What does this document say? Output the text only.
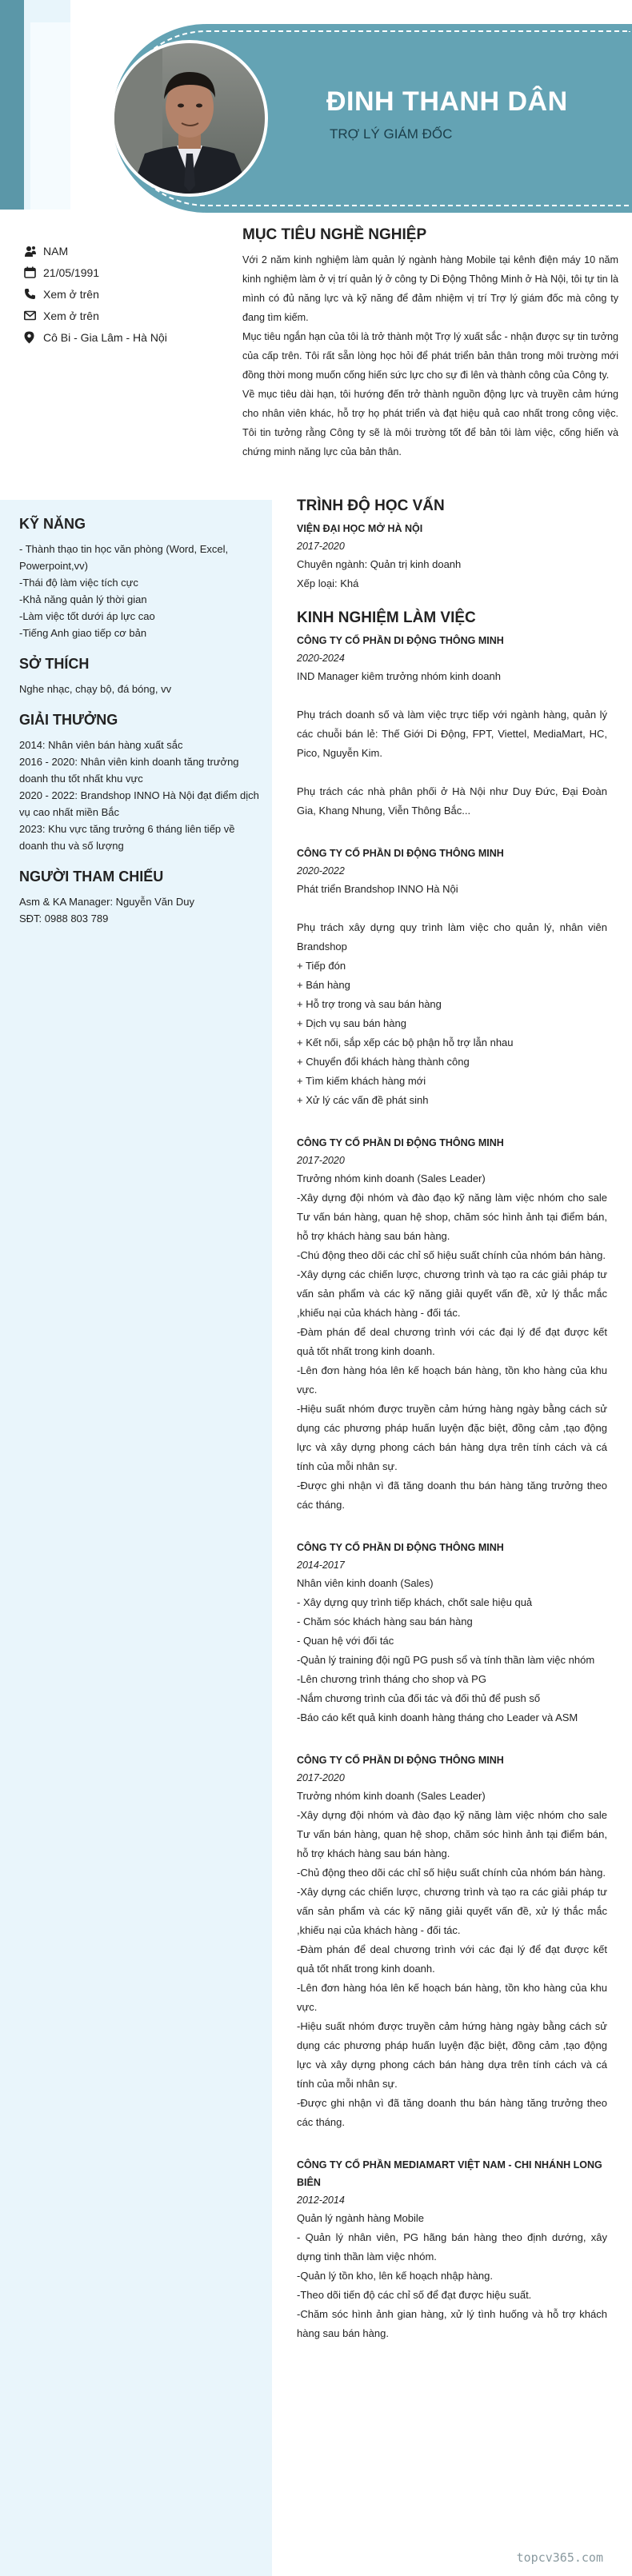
ĐINH THANH DÂN
TRỢ LÝ GIÁM ĐỐC
NAM
21/05/1991
Xem ở trên
Xem ở trên
Cô Bi - Gia Lâm - Hà Nội
MỤC TIÊU NGHỀ NGHIỆP

Với 2 năm kinh nghiệm làm quản lý ngành hàng Mobile tại kênh điện máy 10 năm kinh nghiệm làm ở vị trí quản lý ở công ty Di Động Thông Minh ở Hà Nội, tôi tự tin là mình có đủ năng lực và kỹ năng để đảm nhiệm vị trí Trợ lý giám đốc mà công ty đang tìm kiếm.

Mục tiêu ngắn hạn của tôi là trở thành một Trợ lý xuất sắc - nhận được sự tin tưởng của cấp trên. Tôi rất sẵn lòng học hỏi để phát triển bản thân trong môi trường mới đồng thời mong muốn cống hiến sức lực cho sự đi lên và thành công của Công ty.

Về mục tiêu dài hạn, tôi hướng đến trở thành nguồn động lực và truyền cảm hứng cho nhân viên khác, hỗ trợ họ phát triển và đạt hiệu quả cao nhất trong công việc. Tôi tin tưởng rằng Công ty sẽ là môi trường tốt để bản tôi làm việc, cống hiến và chứng minh năng lực của bản thân.

KỸ NĂNG
- Thành thạo tin học văn phòng (Word, Excel, Powerpoint,vv)
-Thái độ làm việc tích cực
-Khả năng quản lý thời gian
-Làm việc tốt dưới áp lực cao
-Tiếng Anh giao tiếp cơ bản
SỞ THÍCH
Nghe nhạc, chạy bộ, đá bóng, vv
GIẢI THƯỞNG
2014: Nhân viên bán hàng xuất sắc
2016 - 2020: Nhân viên kinh doanh tăng trưởng doanh thu tốt nhất khu vực
2020 - 2022: Brandshop INNO Hà Nội đạt điểm dịch vụ cao nhất miền Bắc
2023: Khu vực tăng trưởng 6 tháng liên tiếp về doanh thu và số lượng
NGƯỜI THAM CHIẾU
Asm & KA Manager: Nguyễn Văn Duy
SĐT: 0988 803 789
TRÌNH ĐỘ HỌC VẤN
VIỆN ĐẠI HỌC MỞ HÀ NỘI
2017-2020
Chuyên ngành: Quản trị kinh doanh
Xếp loại: Khá
KINH NGHIỆM LÀM VIỆC
CÔNG TY CỔ PHẦN DI ĐỘNG THÔNG MINH
2020-2024
IND Manager kiêm trưởng nhóm kinh doanh
Phụ trách doanh số và làm việc trực tiếp với ngành hàng, quản lý các chuỗi bán lẻ: Thế Giới Di Động, FPT, Viettel, MediaMart, HC, Pico, Nguyễn Kim.
Phụ trách các nhà phân phối ở Hà Nội như Duy Đức, Đại Đoàn Gia, Khang Nhung, Viễn Thông Bắc...
CÔNG TY CỔ PHẦN DI ĐỘNG THÔNG MINH
2020-2022
Phát triển Brandshop INNO Hà Nội
Phụ trách xây dựng quy trình làm việc cho quản lý, nhân viên Brandshop
+ Tiếp đón
+ Bán hàng
+ Hỗ trợ trong và sau bán hàng
+ Dịch vụ sau bán hàng
+ Kết nối, sắp xếp các bộ phận hỗ trợ lẫn nhau
+ Chuyển đổi khách hàng thành công
+ Tìm kiếm khách hàng mới
+ Xử lý các vấn đề phát sinh
CÔNG TY CỔ PHẦN DI ĐỘNG THÔNG MINH
2017-2020
Trưởng nhóm kinh doanh (Sales Leader)
-Xây dựng đội nhóm và đào đạo kỹ năng làm việc nhóm cho sale Tư vấn bán hàng, quan hệ shop, chăm sóc hình ảnh tại điểm bán, hỗ trợ khách hàng sau bán hàng.
-Chú động theo dõi các chỉ số hiệu suất chính của nhóm bán hàng.
-Xây dựng các chiến lược, chương trình và tạo ra các giải pháp tư vấn sản phẩm và các kỹ năng giải quyết vấn đề, xử lý thắc mắc ,khiếu nại của khách hàng - đối tác.
-Đàm phán để deal chương trình với các đại lý để đạt được kết quả tốt nhất trong kinh doanh.
-Lên đơn hàng hóa lên kế hoạch bán hàng, tồn kho hàng của khu vực.
-Hiệu suất nhóm được truyền cảm hứng hàng ngày bằng cách sử dụng các phương pháp huấn luyện đặc biệt, đồng cảm ,tạo động lực và xây dựng phong cách bán hàng dựa trên tính cách và cá tính của mỗi nhân sự.
-Được ghi nhận vì đã tăng doanh thu bán hàng tăng trưởng theo các tháng.
CÔNG TY CỔ PHẦN DI ĐỘNG THÔNG MINH
2014-2017
Nhân viên kinh doanh (Sales)
- Xây dựng quy trình tiếp khách, chốt sale hiệu quả
- Chăm sóc khách hàng sau bán hàng
- Quan hệ với đối tác
-Quản lý training đội ngũ PG push sổ và tính thần làm việc nhóm
-Lên chương trình tháng cho shop và PG
-Nắm chương trình của đối tác và đối thủ để push số
-Báo cáo kết quả kinh doanh hàng tháng cho Leader và ASM
CÔNG TY CỔ PHẦN DI ĐỘNG THÔNG MINH
2017-2020
Trưởng nhóm kinh doanh (Sales Leader)
-Xây dựng đội nhóm và đào đạo kỹ năng làm việc nhóm cho sale Tư vấn bán hàng, quan hệ shop, chăm sóc hình ảnh tại điểm bán, hỗ trợ khách hàng sau bán hàng.
-Chủ động theo dõi các chỉ số hiệu suất chính của nhóm bán hàng.
-Xây dựng các chiến lược, chương trình và tạo ra các giải pháp tư vấn sản phẩm và các kỹ năng giải quyết vấn đề, xử lý thắc mắc ,khiếu nại của khách hàng - đối tác.
-Đàm phán để deal chương trình với các đại lý để đạt được kết quả tốt nhất trong kinh doanh.
-Lên đơn hàng hóa lên kế hoạch bán hàng, tồn kho hàng của khu vực.
-Hiệu suất nhóm được truyền cảm hứng hàng ngày bằng cách sử dụng các phương pháp huấn luyện đặc biệt, đồng cảm ,tạo động lực và xây dựng phong cách bán hàng dựa trên tính cách và cá tính của mỗi nhân sự.
-Được ghi nhận vì đã tăng doanh thu bán hàng tăng trưởng theo các tháng.
CÔNG TY CỔ PHẦN MEDIAMART VIỆT NAM - CHI NHÁNH LONG BIÊN
2012-2014
Quản lý ngành hàng Mobile
- Quản lý nhân viên, PG hãng bán hàng theo định dướng, xây dựng tinh thần làm việc nhóm.
-Quản lý tồn kho, lên kế hoạch nhập hàng.
-Theo dõi tiến độ các chỉ số để đạt được hiệu suất.
-Chăm sóc hình ảnh gian hàng, xử lý tình huống và hỗ trợ khách hàng sau bán hàng.
topcv365.com
